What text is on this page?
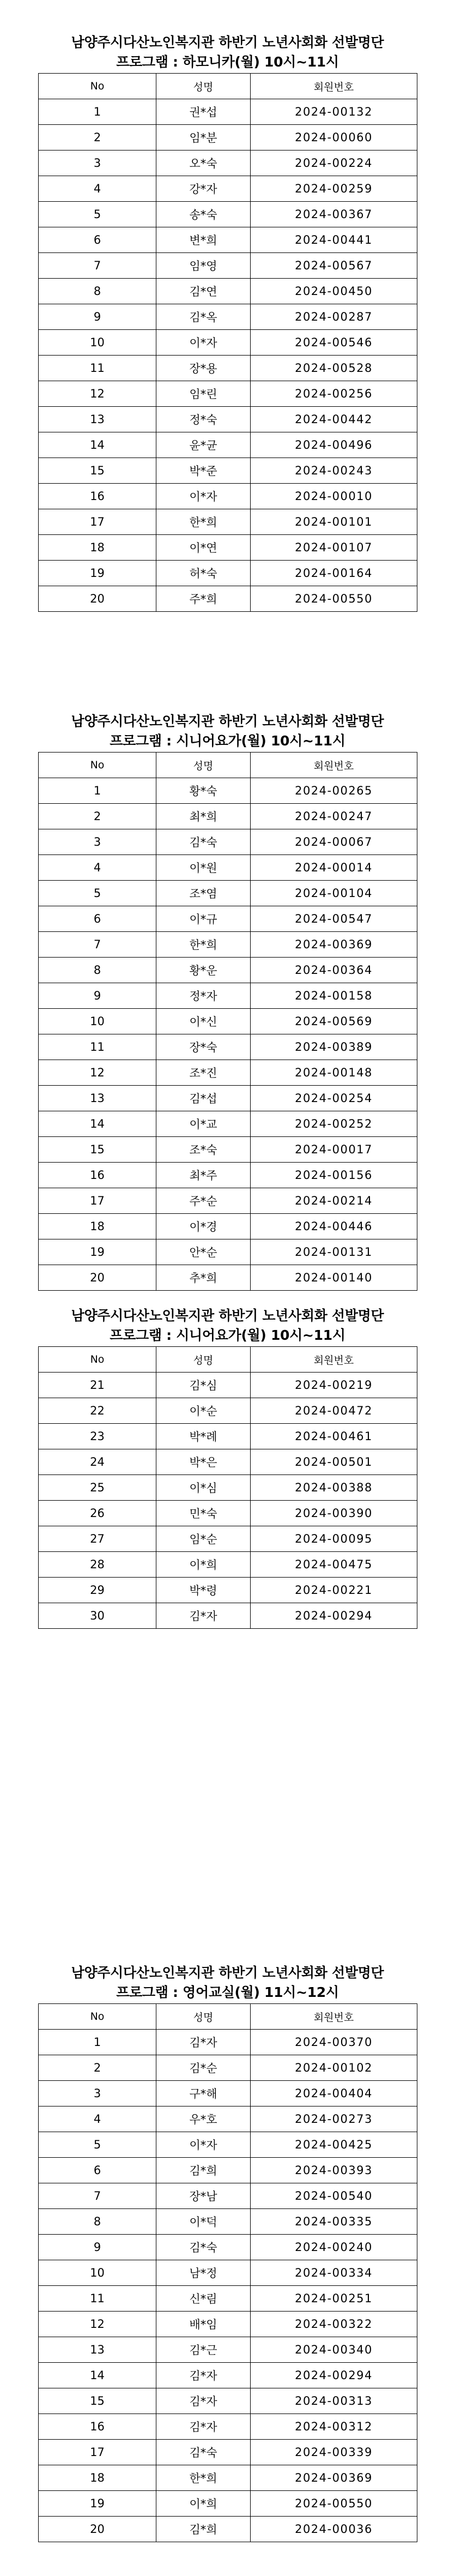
남양주시다산노인복지관 하반기 노년사회화 선발명단
프로그램 : 하모니카(월) 10시~11시
No	성명	회원번호
1	권*섭	2024-00132
2	임*분	2024-00060
3	오*숙	2024-00224
4	강*자	2024-00259
5	송*숙	2024-00367
6	변*희	2024-00441
7	임*영	2024-00567
8	김*연	2024-00450
9	김*옥	2024-00287
10	이*자	2024-00546
11	장*용	2024-00528
12	임*린	2024-00256
13	정*숙	2024-00442
14	윤*균	2024-00496
15	박*준	2024-00243
16	이*자	2024-00010
17	한*희	2024-00101
18	이*연	2024-00107
19	허*숙	2024-00164
20	주*희	2024-00550
남양주시다산노인복지관 하반기 노년사회화 선발명단
프로그램 : 시니어요가(월) 10시~11시
No	성명	회원번호
1	황*숙	2024-00265
2	최*희	2024-00247
3	김*숙	2024-00067
4	이*원	2024-00014
5	조*염	2024-00104
6	이*규	2024-00547
7	한*희	2024-00369
8	황*운	2024-00364
9	정*자	2024-00158
10	이*신	2024-00569
11	장*숙	2024-00389
12	조*진	2024-00148
13	김*섭	2024-00254
14	이*교	2024-00252
15	조*숙	2024-00017
16	최*주	2024-00156
17	주*순	2024-00214
18	이*경	2024-00446
19	안*순	2024-00131
20	추*희	2024-00140
남양주시다산노인복지관 하반기 노년사회화 선발명단
프로그램 : 시니어요가(월) 10시~11시
No	성명	회원번호
21	김*심	2024-00219
22	이*순	2024-00472
23	박*례	2024-00461
24	박*은	2024-00501
25	이*심	2024-00388
26	민*숙	2024-00390
27	임*순	2024-00095
28	이*희	2024-00475
29	박*령	2024-00221
30	김*자	2024-00294
남양주시다산노인복지관 하반기 노년사회화 선발명단
프로그램 : 영어교실(월) 11시~12시
No	성명	회원번호
1	김*자	2024-00370
2	김*순	2024-00102
3	구*해	2024-00404
4	우*호	2024-00273
5	이*자	2024-00425
6	김*희	2024-00393
7	장*남	2024-00540
8	이*덕	2024-00335
9	김*숙	2024-00240
10	남*정	2024-00334
11	신*림	2024-00251
12	배*임	2024-00322
13	김*근	2024-00340
14	김*자	2024-00294
15	김*자	2024-00313
16	김*자	2024-00312
17	김*숙	2024-00339
18	한*희	2024-00369
19	이*희	2024-00550
20	김*희	2024-00036
